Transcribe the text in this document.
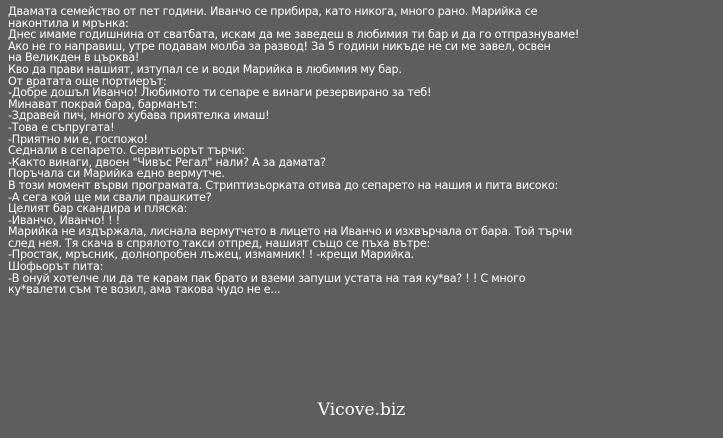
Двамата семейство от пет години. Иванчо се прибира, като никога, много рано. Марийка се
наконтила и мрънка:
Днес имаме годишнина от сватбата, искам да ме заведеш в любимия ти бар и да го отпразнуваме!
Ако не го направиш, утре подавам молба за развод! За 5 години никъде не си ме завел, освен
на Великден в църква!
Кво да прави нашият, изтупал се и води Марийка в любимия му бар.
От вратата още портиерът:
-Добре дошъл Иванчо! Любимото ти сепаре е винаги резервирано за теб!
Минават покрай бара, барманът:
-Здравей пич, много хубава приятелка имаш!
-Това е съпругата!
-Приятно ми е, госпожо!
Седнали в сепарето. Сервитьорът търчи:
-Както винаги, двоен "Чивъс Регал" нали? А за дамата?
Поръчала си Марийка едно вермутче.
В този момент върви програмата. Стриптизьорката отива до сепарето на нашия и пита високо:
-А сега кой ще ми свали прашките?
Целият бар скандира и пляска:
-Иванчо, Иванчо! ! !
Марийка не издържала, лиснала вермутчето в лицето на Иванчо и изхвърчала от бара. Той търчи
след нея. Тя скача в спрялото такси отпред, нашият също се пъха вътре:
-Простак, мръсник, долнопробен лъжец, измамник! ! -крещи Марийка.
Шофьорът пита:
-В онуй хотелче ли да те карам пак брато и вземи запуши устата на тая ку*ва? ! ! С много
ку*валети съм те возил, ама такова чудо не е...
Vicove.biz
